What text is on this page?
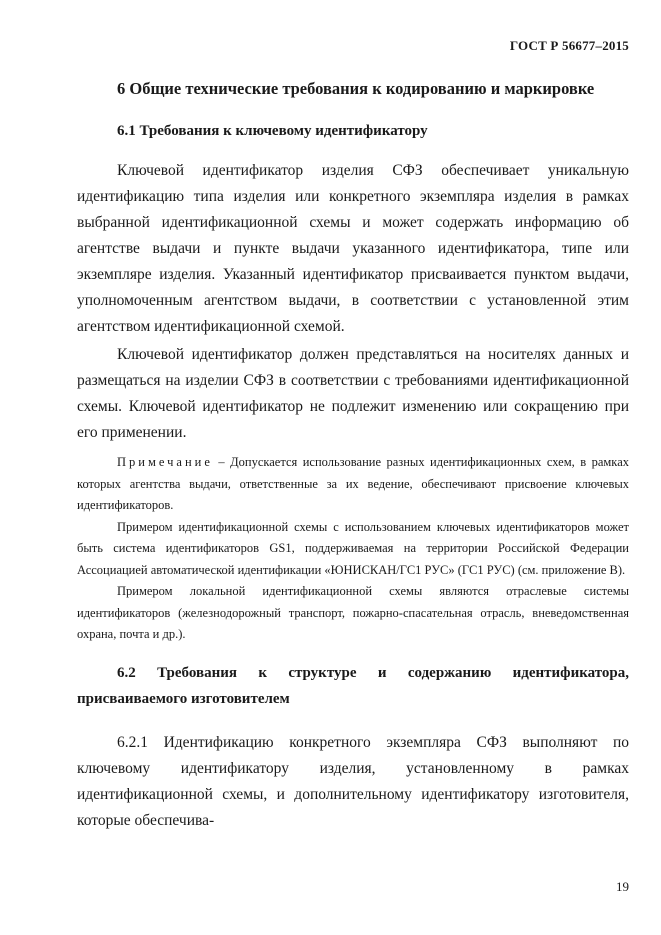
ГОСТ Р 56677–2015
6 Общие технические требования к кодированию и маркировке
6.1 Требования к ключевому идентификатору

Ключевой идентификатор изделия СФЗ обеспечивает уникальную идентификацию типа изделия или конкретного экземпляра изделия в рамках выбранной идентификационной схемы и может содержать информацию об агентстве выдачи и пункте выдачи указанного идентификатора, типе или экземпляре изделия. Указанный идентификатор присваивается пунктом выдачи, уполномоченным агентством выдачи, в соответствии с установленной этим агентством идентификационной схемой.

Ключевой идентификатор должен представляться на носителях данных и размещаться на изделии СФЗ в соответствии с требованиями идентификационной схемы. Ключевой идентификатор не подлежит изменению или сокращению при его применении.

Примечание – Допускается использование разных идентификационных схем, в рамках которых агентства выдачи, ответственные за их ведение, обеспечивают присвоение ключевых идентификаторов.

Примером идентификационной схемы с использованием ключевых идентификаторов может быть система идентификаторов GS1, поддерживаемая на территории Российской Федерации Ассоциацией автоматической идентификации «ЮНИСКАН/ГС1 РУС» (ГС1 РУС) (см. приложение В).

Примером локальной идентификационной схемы являются отраслевые системы идентификаторов (железнодорожный транспорт, пожарно-спасательная отрасль, вневедомственная охрана, почта и др.).

6.2 Требования к структуре и содержанию идентификатора, присваиваемого изготовителем

6.2.1 Идентификацию конкретного экземпляра СФЗ выполняют по ключевому идентификатору изделия, установленному в рамках идентификационной схемы, и дополнительному идентификатору изготовителя, которые обеспечива-

19
